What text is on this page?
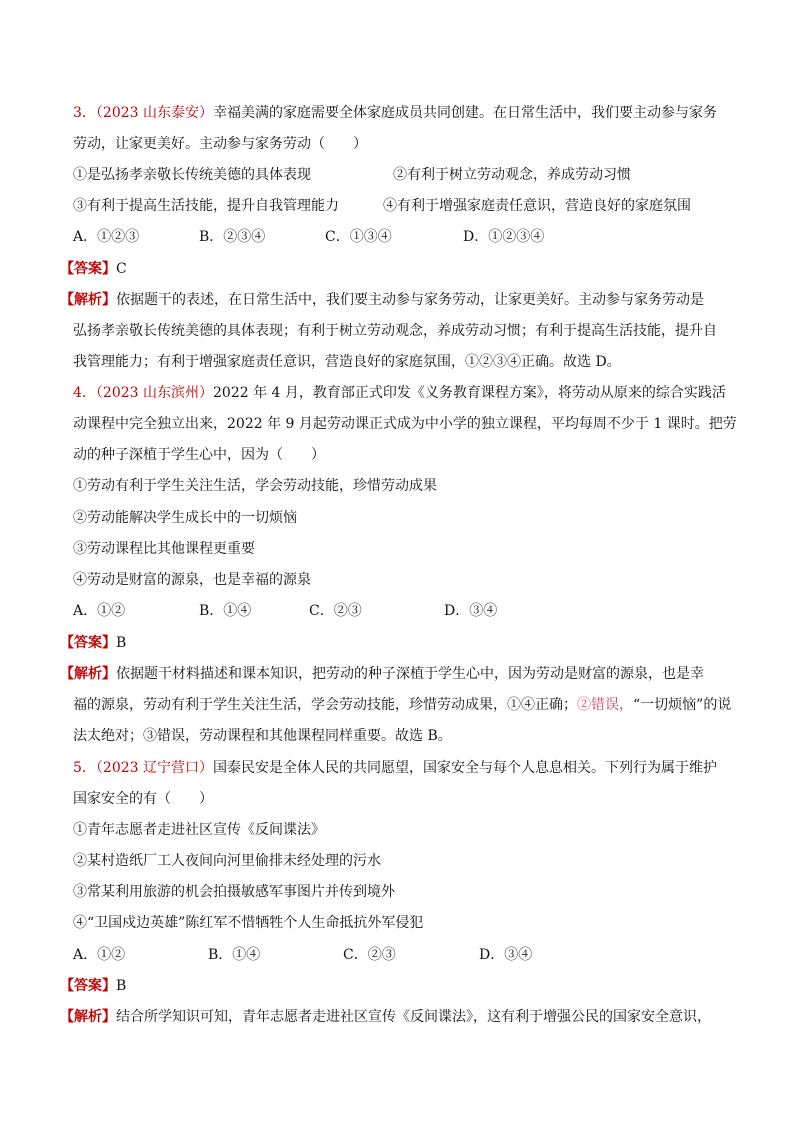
3．（2023 山东泰安）幸福美满的家庭需要全体家庭成员共同创建。在日常生活中，我们要主动参与家务
劳动，让家更美好。主动参与家务劳动（　　）
①是弘扬孝亲敬长传统美德的具体表现	②有利于树立劳动观念，养成劳动习惯
③有利于提高生活技能，提升自我管理能力	④有利于增强家庭责任意识，营造良好的家庭氛围
A．①②③	B．②③④	C．①③④	D．①②③④
【答案】C
【解析】依据题干的表述，在日常生活中，我们要主动参与家务劳动，让家更美好。主动参与家务劳动是
弘扬孝亲敬长传统美德的具体表现；有利于树立劳动观念，养成劳动习惯；有利于提高生活技能，提升自
我管理能力；有利于增强家庭责任意识，营造良好的家庭氛围，①②③④正确。故选 D。
4．（2023 山东滨州）2022 年 4 月，教育部正式印发《义务教育课程方案》，将劳动从原来的综合实践活
动课程中完全独立出来，2022 年 9 月起劳动课正式成为中小学的独立课程，平均每周不少于 1 课时。把劳
动的种子深植于学生心中，因为（　　）
①劳动有利于学生关注生活，学会劳动技能，珍惜劳动成果
②劳动能解决学生成长中的一切烦恼
③劳动课程比其他课程更重要
④劳动是财富的源泉，也是幸福的源泉
A．①②	B．①④	C．②③	D．③④
【答案】B
【解析】依据题干材料描述和课本知识，把劳动的种子深植于学生心中，因为劳动是财富的源泉，也是幸
福的源泉，劳动有利于学生关注生活，学会劳动技能，珍惜劳动成果，①④正确；②错误，“一切烦恼”的说
法太绝对；③错误，劳动课程和其他课程同样重要。故选 B。
5．（2023 辽宁营口）国泰民安是全体人民的共同愿望，国家安全与每个人息息相关。下列行为属于维护
国家安全的有（　　）
①青年志愿者走进社区宣传《反间谍法》
②某村造纸厂工人夜间向河里偷排未经处理的污水
③常某利用旅游的机会拍摄敏感军事图片并传到境外
④“卫国戍边英雄”陈红军不惜牺牲个人生命抵抗外军侵犯
A．①②	B．①④	C．②③	D．③④
【答案】B
【解析】结合所学知识可知，青年志愿者走进社区宣传《反间谍法》，这有利于增强公民的国家安全意识，
